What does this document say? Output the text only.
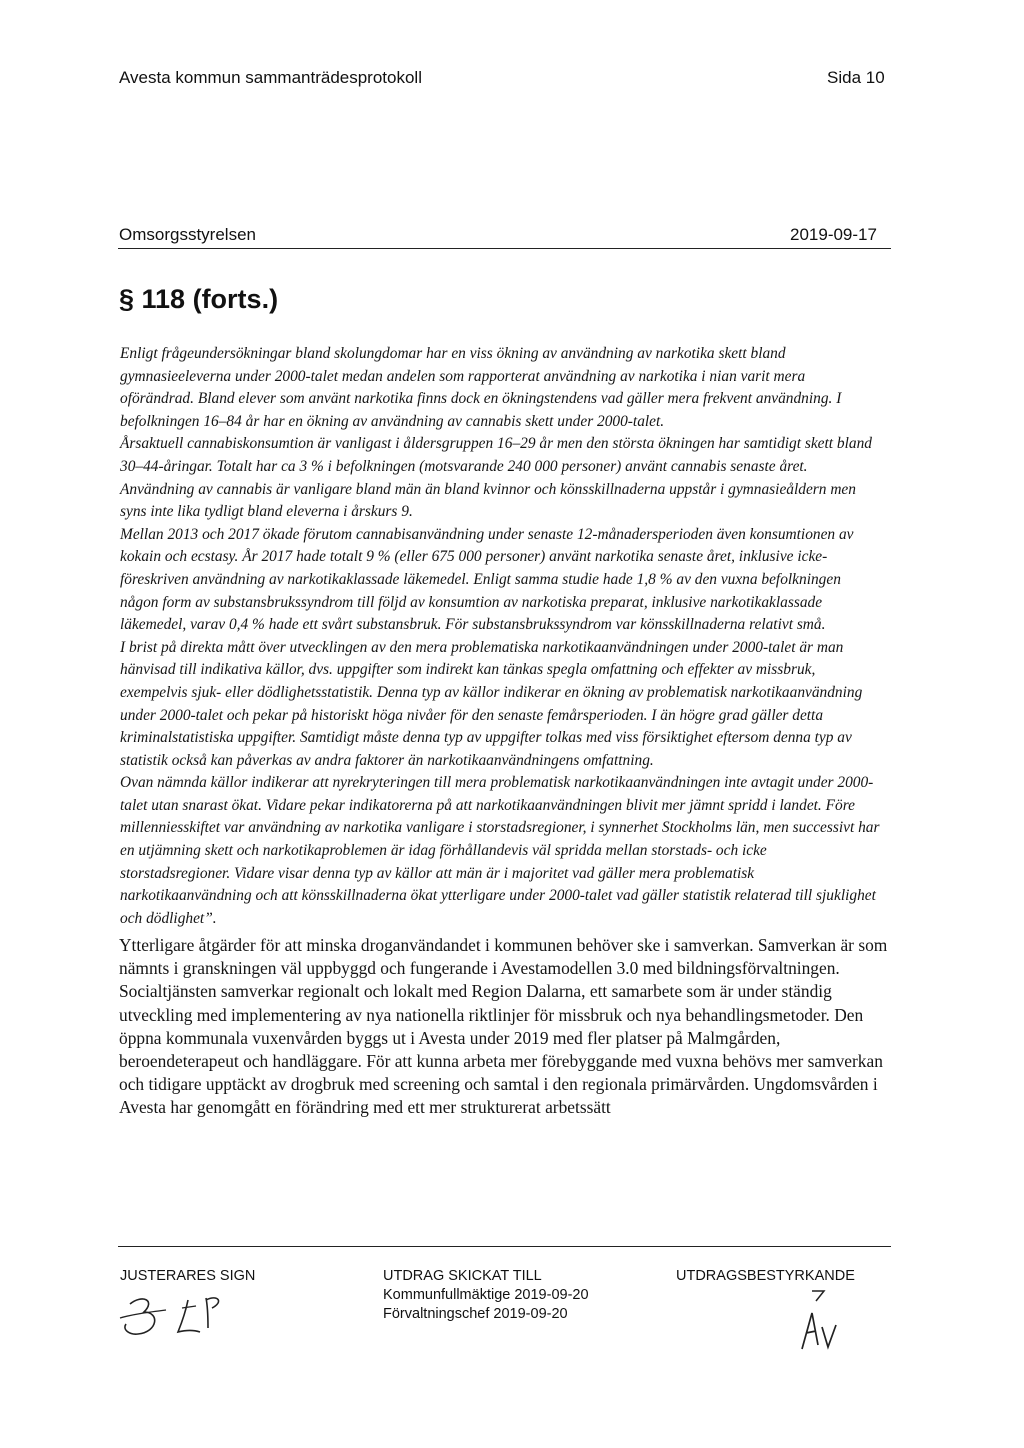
Avesta kommun sammanträdesprotokoll	Sida 10
Omsorgsstyrelsen	2019-09-17
§ 118 (forts.)

Enligt frågeundersökningar bland skolungdomar har en viss ökning av användning av narkotika skett bland gymnasieeleverna under 2000-talet medan andelen som rapporterat användning av narkotika i nian varit mera oförändrad. Bland elever som använt narkotika finns dock en ökningstendens vad gäller mera frekvent användning. I befolkningen 16–84 år har en ökning av användning av cannabis skett under 2000-talet.

Årsaktuell cannabiskonsumtion är vanligast i åldersgruppen 16–29 år men den största ökningen har samtidigt skett bland 30–44-åringar. Totalt har ca 3 % i befolkningen (motsvarande 240 000 personer) använt cannabis senaste året. Användning av cannabis är vanligare bland män än bland kvinnor och könsskillnaderna uppstår i gymnasieåldern men syns inte lika tydligt bland eleverna i årskurs 9.

Mellan 2013 och 2017 ökade förutom cannabisanvändning under senaste 12-månadersperioden även konsumtionen av kokain och ecstasy. År 2017 hade totalt 9 % (eller 675 000 personer) använt narkotika senaste året, inklusive icke-föreskriven användning av narkotikaklassade läkemedel. Enligt samma studie hade 1,8 % av den vuxna befolkningen någon form av substansbrukssyndrom till följd av konsumtion av narkotiska preparat, inklusive narkotikaklassade läkemedel, varav 0,4 % hade ett svårt substansbruk. För substansbrukssyndrom var könsskillnaderna relativt små.

I brist på direkta mått över utvecklingen av den mera problematiska narkotikaanvändningen under 2000-talet är man hänvisad till indikativa källor, dvs. uppgifter som indirekt kan tänkas spegla omfattning och effekter av missbruk, exempelvis sjuk- eller dödlighetsstatistik. Denna typ av källor indikerar en ökning av problematisk narkotikaanvändning under 2000-talet och pekar på historiskt höga nivåer för den senaste femårsperioden. I än högre grad gäller detta kriminalstatistiska uppgifter. Samtidigt måste denna typ av uppgifter tolkas med viss försiktighet eftersom denna typ av statistik också kan påverkas av andra faktorer än narkotikaanvändningens omfattning.

Ovan nämnda källor indikerar att nyrekryteringen till mera problematisk narkotikaanvändningen inte avtagit under 2000-talet utan snarast ökat. Vidare pekar indikatorerna på att narkotikaanvändningen blivit mer jämnt spridd i landet. Före millenniesskiftet var användning av narkotika vanligare i storstadsregioner, i synnerhet Stockholms län, men successivt har en utjämning skett och narkotikaproblemen är idag förhållandevis väl spridda mellan storstads- och icke storstadsregioner. Vidare visar denna typ av källor att män är i majoritet vad gäller mera problematisk narkotikaanvändning och att könsskillnaderna ökat ytterligare under 2000-talet vad gäller statistik relaterad till sjuklighet och dödlighet”.

Ytterligare åtgärder för att minska droganvändandet i kommunen behöver ske i samverkan. Samverkan är som nämnts i granskningen väl uppbyggd och fungerande i Avestamodellen 3.0 med bildningsförvaltningen. Socialtjänsten samverkar regionalt och lokalt med Region Dalarna, ett samarbete som är under ständig utveckling med implementering av nya nationella riktlinjer för missbruk och nya behandlingsmetoder. Den öppna kommunala vuxenvården byggs ut i Avesta under 2019 med fler platser på Malmgården, beroendeterapeut och handläggare. För att kunna arbeta mer förebyggande med vuxna behövs mer samverkan och tidigare upptäckt av drogbruk med screening och samtal i den regionala primärvården. Ungdomsvården i Avesta har genomgått en förändring med ett mer strukturerat arbetssätt

JUSTERARES SIGN	UTDRAG SKICKAT TILL
Kommunfullmäktige 2019-09-20
Förvaltningschef 2019-09-20
UTDRAGSBESTYRKANDE
